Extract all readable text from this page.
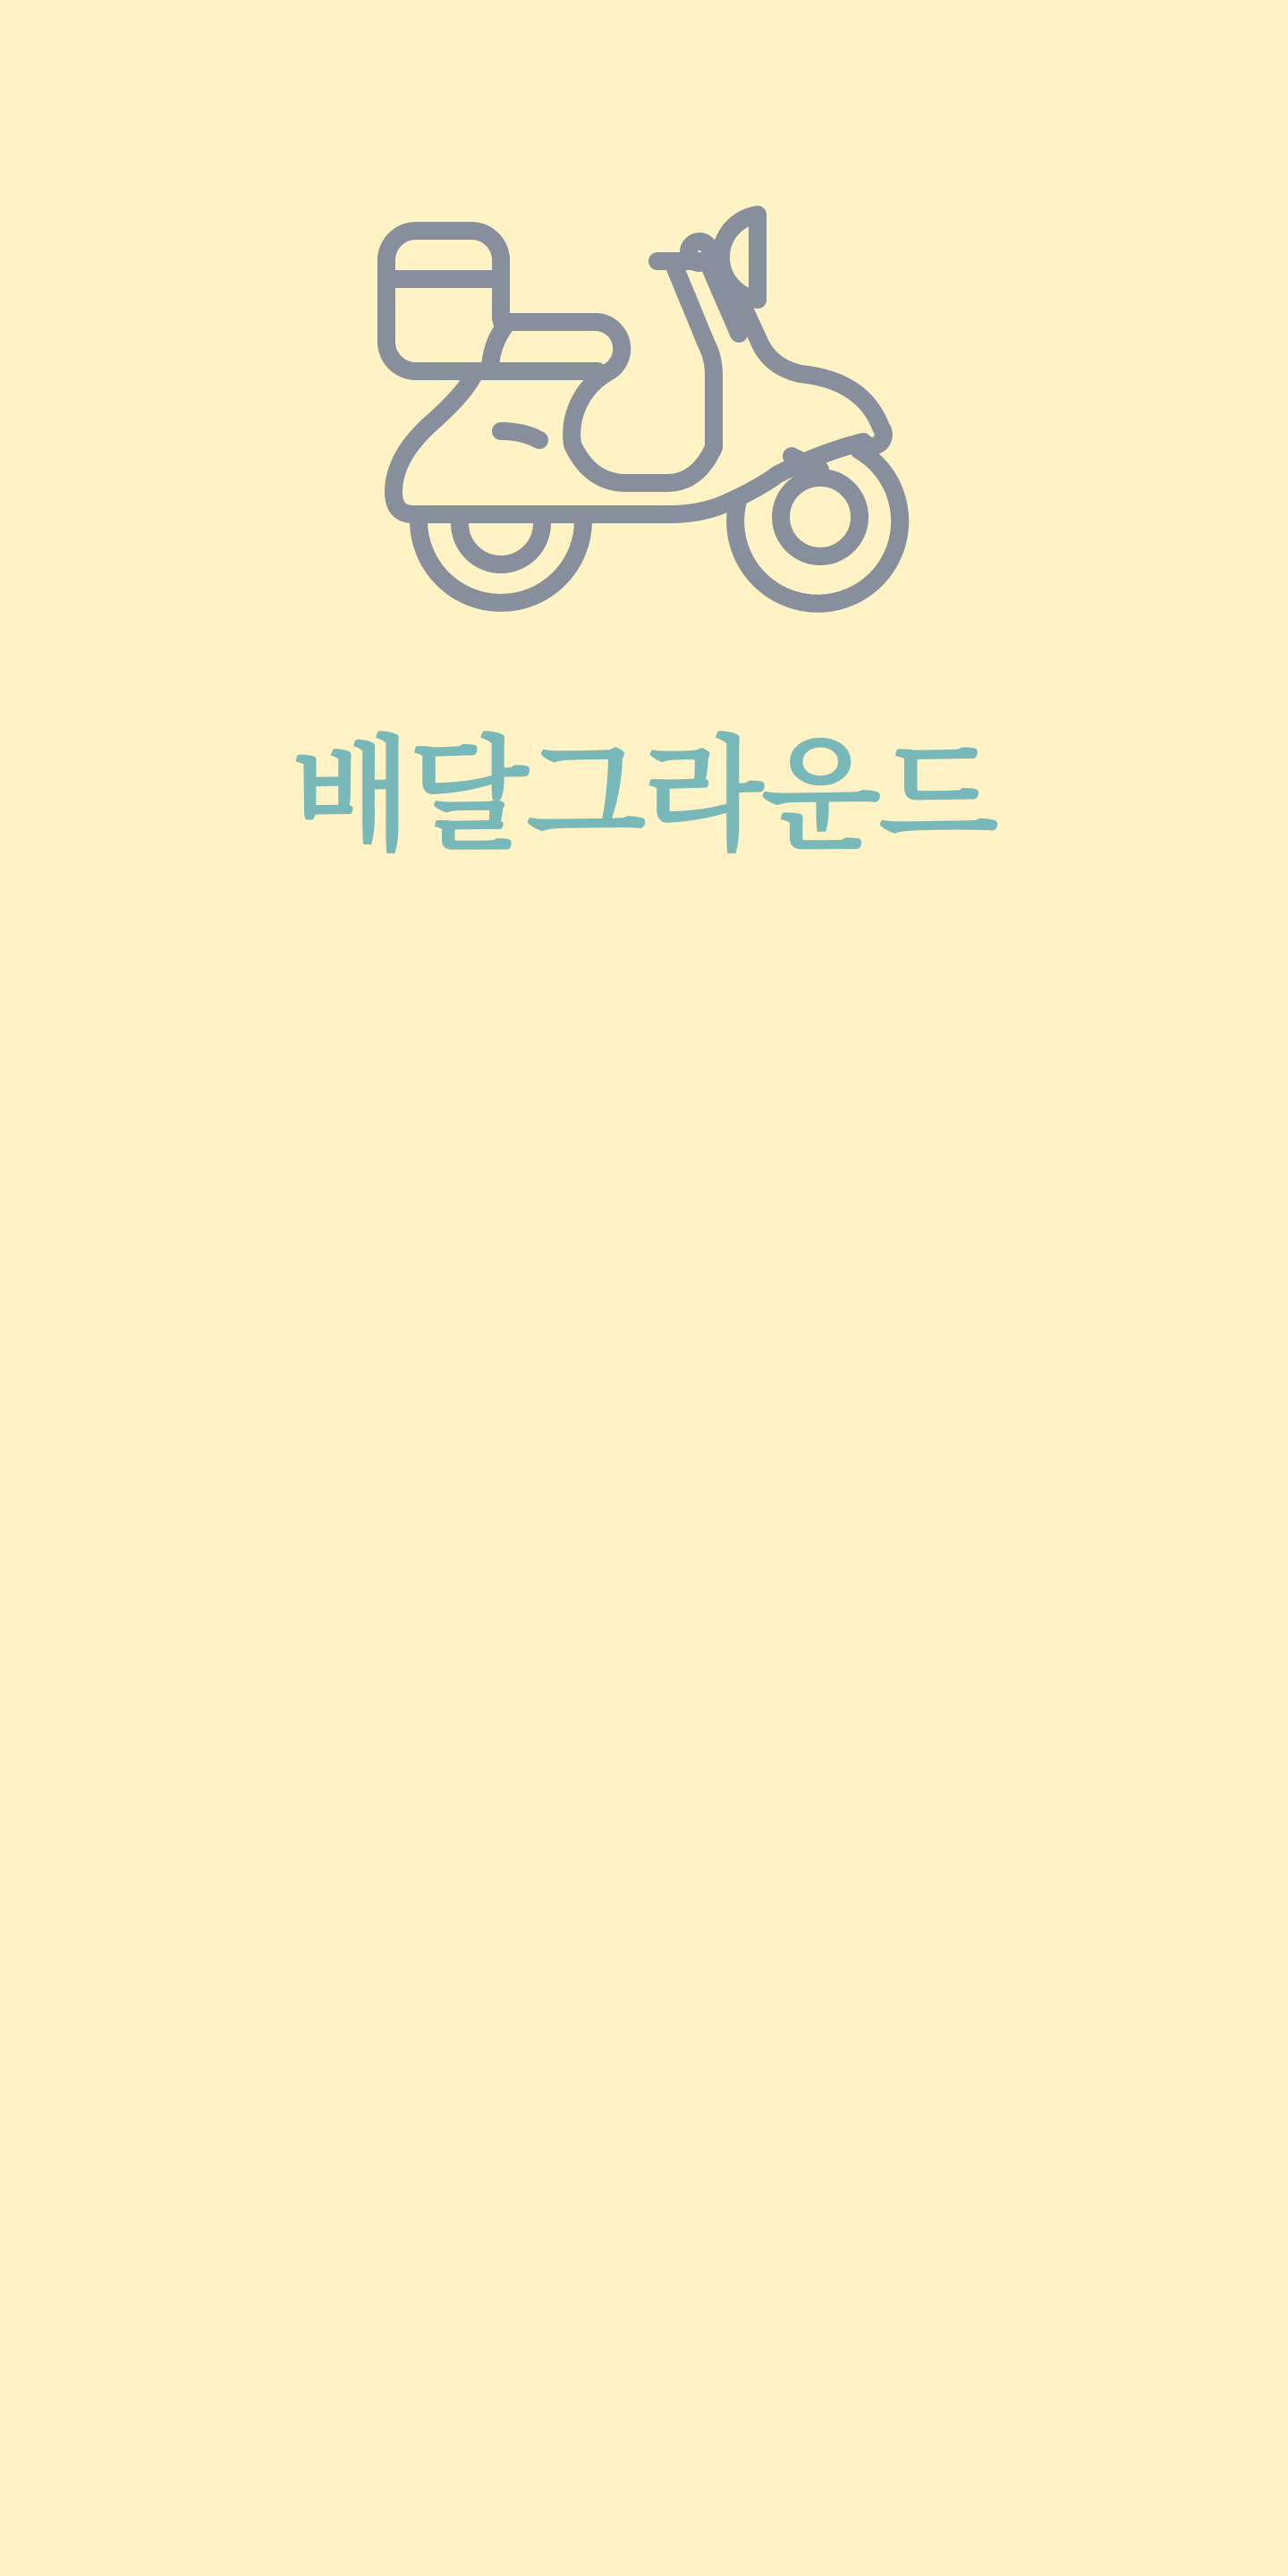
배달그라운드
